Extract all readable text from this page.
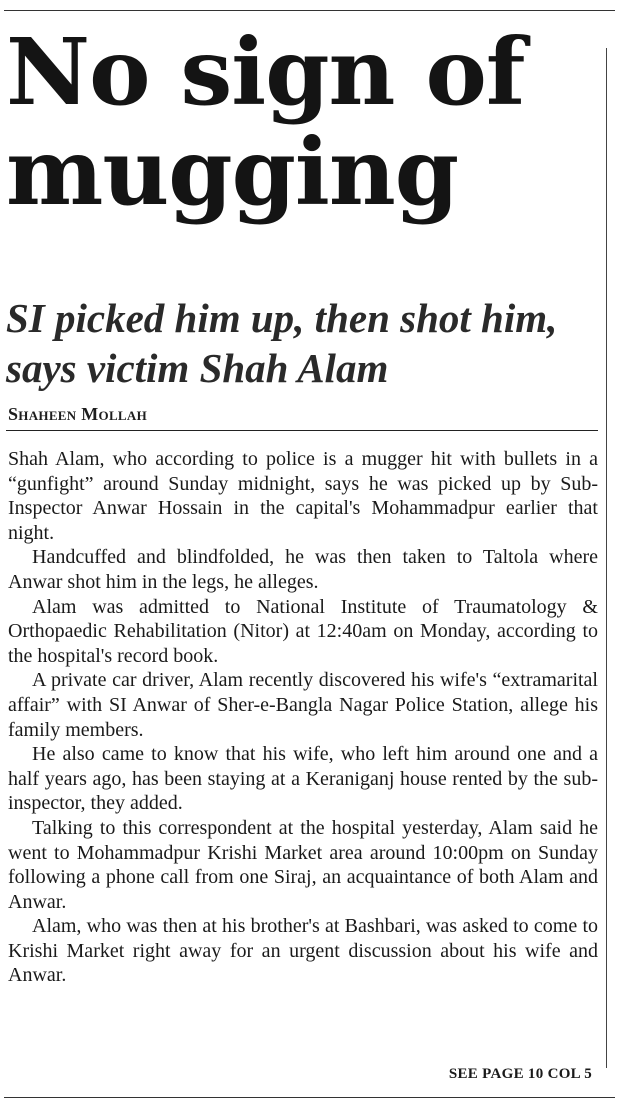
No sign of
mugging
SI picked him up, then shot him, says victim Shah Alam
Shaheen Mollah

Shah Alam, who according to police is a mugger hit with bullets in a “gunfight” around Sunday midnight, says he was picked up by Sub-Inspector Anwar Hossain in the capital's Mohammadpur earlier that night.

Handcuffed and blindfolded, he was then taken to Taltola where Anwar shot him in the legs, he alleges.

Alam was admitted to National Institute of Traumatology & Orthopaedic Rehabilitation (Nitor) at 12:40am on Monday, according to the hospital's record book.

A private car driver, Alam recently discovered his wife's “extramarital affair” with SI Anwar of Sher-e-Bangla Nagar Police Station, allege his family members.

He also came to know that his wife, who left him around one and a half years ago, has been staying at a Keraniganj house rented by the sub-inspector, they added.

Talking to this correspondent at the hospital yesterday, Alam said he went to Mohammadpur Krishi Market area around 10:00pm on Sunday following a phone call from one Siraj, an acquaintance of both Alam and Anwar.

Alam, who was then at his brother's at Bashbari, was asked to come to Krishi Market right away for an urgent discussion about his wife and Anwar.

SEE PAGE 10 COL 5
